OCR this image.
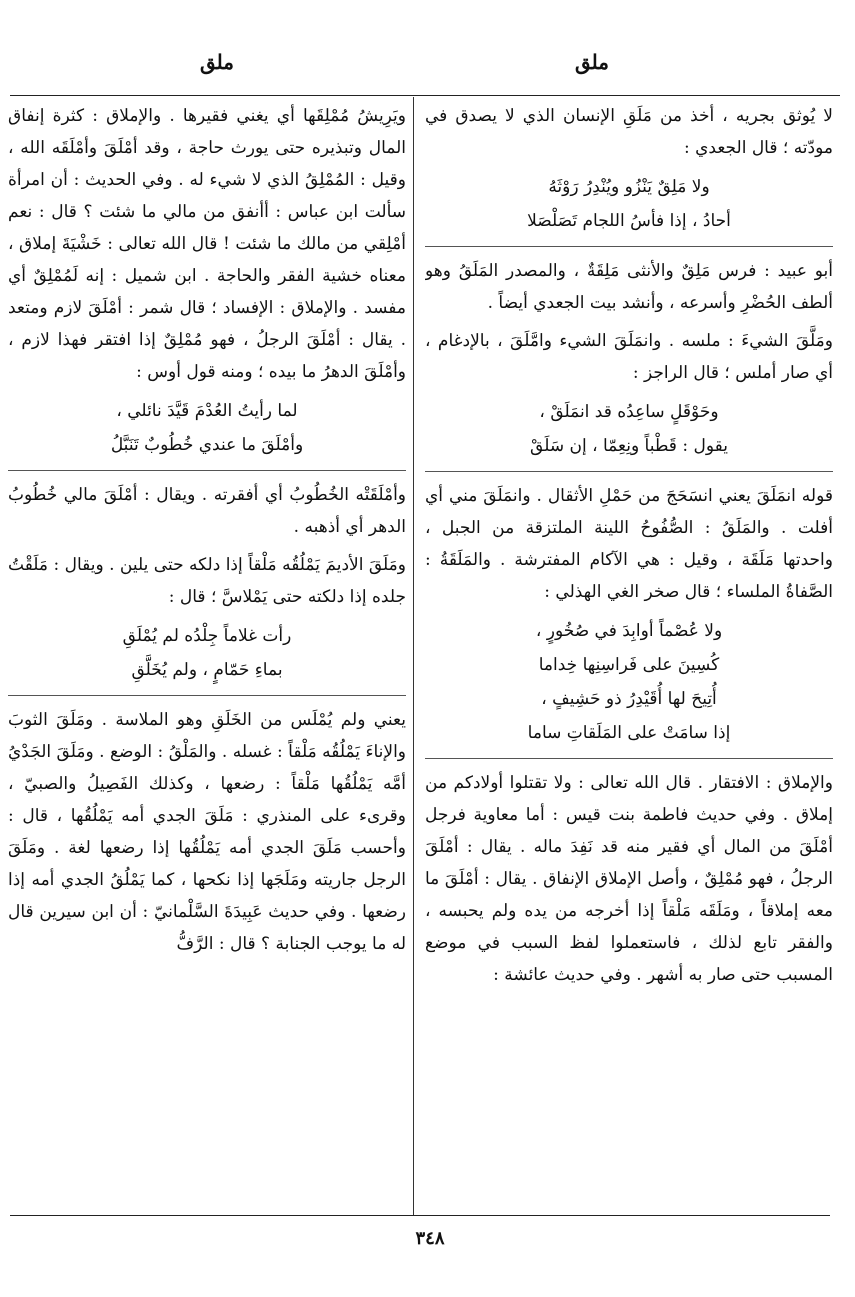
ملق
ملق

لا يُوثق بجريه ، أخذ من مَلَقِ الإنسان الذي لا يصدق في مودّته ؛ قال الجعدي :

ولا مَلِقٌ يَنْزُو ويُنْدِرُ رَوْثَهُ
أحادُ ، إذا فأسُ اللجام تَصَلْصَلا

أبو عبيد : فرس مَلِقٌ والأنثى مَلِقَةٌ ، والمصدر المَلَقُ وهو ألطف الحُضْرِ وأسرعه ، وأنشد بيت الجعدي أيضاً .

ومَلَّقَ الشيءَ : ملسه . وانمَلَقَ الشيء وامَّلَقَ ، بالإدغام ، أي صار أملس ؛ قال الراجز :

وحَوْقَلٍ ساعِدُه قد انمَلَقْ ،
يقول : قَطْباً ونِعِمّا ، إن سَلَقْ

قوله انمَلَقَ يعني انسَحَجَ من حَمْلِ الأثقال . وانمَلَقَ مني أي أفلت . والمَلَقُ : الصُّفُوحُ اللينة الملتزقة من الجبل ، واحدتها مَلَقَة ، وقيل : هي الآكام المفترشة . والمَلَقَةُ : الصَّفاةُ الملساء ؛ قال صخر الغي الهذلي :

ولا عُصْماً أوابِدَ في صُخُورٍ ،
كُسِينَ على فَراسِنِها خِداما
أُتِيحَ لها أُقَيْدِرُ ذو حَشِيفٍ ،
إذا سامَتْ على المَلَقاتِ ساما

والإملاق : الافتقار . قال الله تعالى : ولا تقتلوا أولادكم من إملاق . وفي حديث فاطمة بنت قيس : أما معاوية فرجل أمْلَقَ من المال أي فقير منه قد نَفِدَ ماله . يقال : أمْلَقَ الرجلُ ، فهو مُمْلِقٌ ، وأصل الإملاق الإنفاق . يقال : أمْلَقَ ما معه إملاقاً ، ومَلَقَه مَلْقاً إذا أخرجه من يده ولم يحبسه ، والفقر تابع لذلك ، فاستعملوا لفظ السبب في موضع المسبب حتى صار به أشهر . وفي حديث عائشة :

ويَرِيشُ مُمْلِقَها أي يغني فقيرها . والإملاق : كثرة إنفاق المال وتبذيره حتى يورث حاجة ، وقد أمْلَقَ وأمْلَقَه الله ، وقيل : المُمْلِقُ الذي لا شيء له . وفي الحديث : أن امرأة سألت ابن عباس : أأنفق من مالي ما شئت ؟ قال : نعم أمْلِقي من مالك ما شئت ! قال الله تعالى : خَشْيَةَ إملاق ، معناه خشية الفقر والحاجة . ابن شميل : إنه لَمُمْلِقٌ أي مفسد . والإملاق : الإفساد ؛ قال شمر : أمْلَقَ لازم ومتعد . يقال : أمْلَقَ الرجلُ ، فهو مُمْلِقٌ إذا افتقر فهذا لازم ، وأمْلَقَ الدهرُ ما بيده ؛ ومنه قول أوس :

لما رأيتُ العُدْمَ قَيَّدَ نائلي ،
وأمْلَقَ ما عندي خُطُوبٌ تَنَبَّلُ

وأمْلَقَتْه الخُطُوبُ أي أفقرته . ويقال : أمْلَقَ مالي خُطُوبُ الدهر أي أذهبه .

ومَلَقَ الأديمَ يَمْلُقُه مَلْقاً إذا دلكه حتى يلين . ويقال : مَلَقْتُ جلده إذا دلكته حتى يَمْلاسَّ ؛ قال :

رأت غلاماً جِلْدُه لم يُمْلَقِ
بماءِ حَمّامٍ ، ولم يُخَلَّقِ

يعني ولم يُمْلَس من الخَلَقِ وهو الملاسة . ومَلَقَ الثوبَ والإناءَ يَمْلُقُه مَلْقاً : غسله . والمَلْقُ : الوضع . ومَلَقَ الجَدْيُ أمَّه يَمْلُقُها مَلْقاً : رضعها ، وكذلك الفَصِيلُ والصبيّ ، وقرىء على المنذري : مَلَقَ الجدي أمه يَمْلُقُها ، قال : وأحسب مَلَقَ الجدي أمه يَمْلُقُها إذا رضعها لغة . ومَلَقَ الرجل جاريته ومَلَجَها إذا نكحها ، كما يَمْلُقُ الجدي أمه إذا رضعها . وفي حديث عَبِيدَةَ السَّلْمانيّ : أن ابن سيرين قال له ما يوجب الجنابة ؟ قال : الرَّفُّ

٣٤٨
